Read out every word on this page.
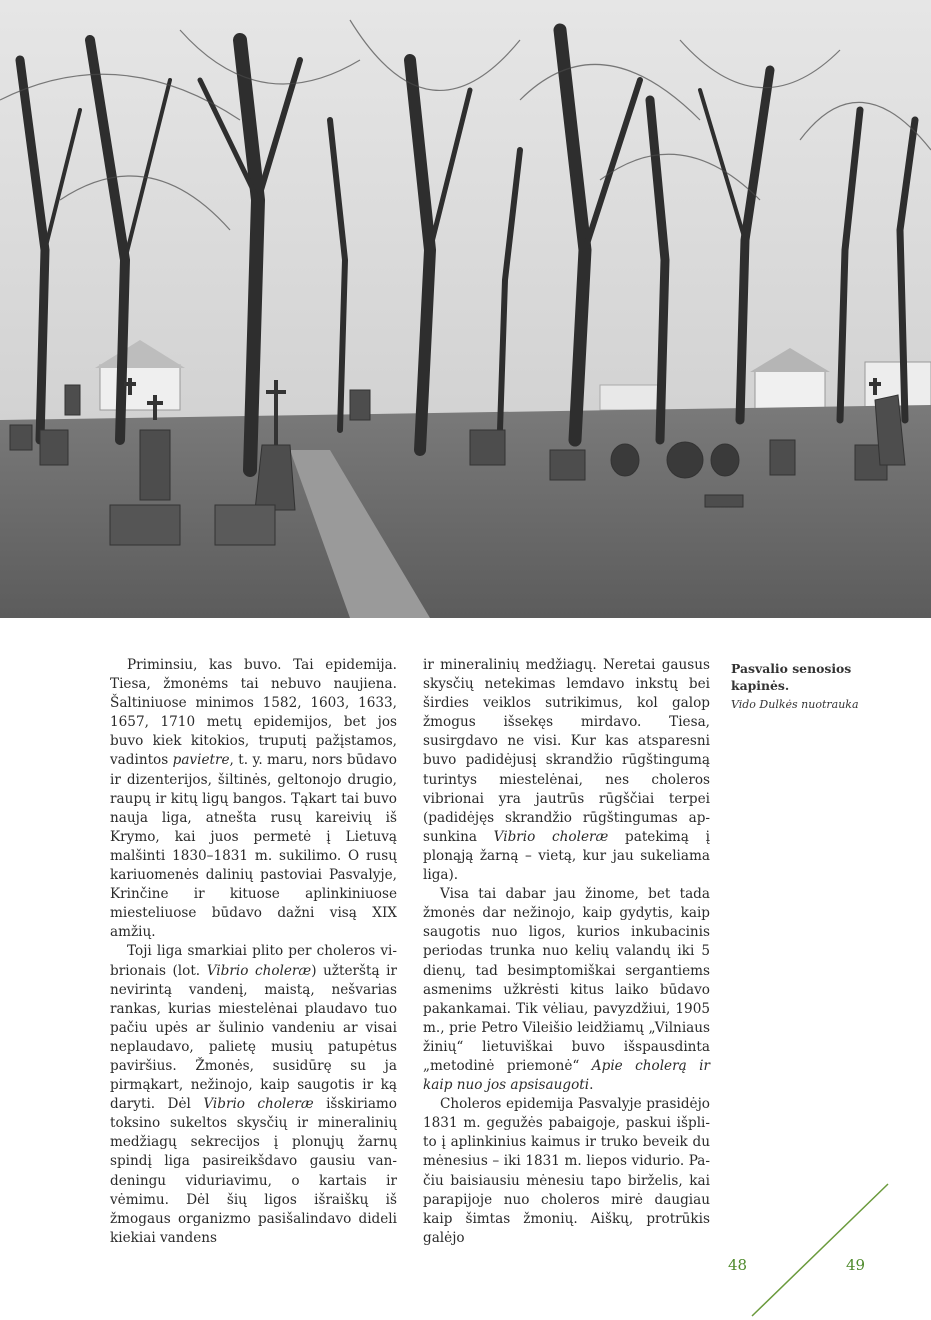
Priminsiu, kas buvo. Tai epidemija. Tiesa, žmonėms tai nebuvo naujiena. Šaltiniuose minimos 1582, 1603, 1633, 1657, 1710 metų epidemijos, bet jos buvo kiek kitokios, truputį pažįstamos, vadintos pavietre, t. y. maru, nors būdavo ir dizenterijos, šiltinės, geltonojo drugio, raupų ir kitų ligų bangos. Tąkart tai buvo nauja liga, atnešta rusų kareivių iš Krymo, kai juos permetė į Lietuvą malšinti 1830–1831 m. sukilimo. O rusų kariuomenės dalinių pastoviai Pasvalyje, Krinčine ir kituose aplinkiniuose miesteliuose būdavo dažni visą XIX amžių.

Toji liga smarkiai plito per choleros vibrionais (lot. Vibrio choleræ) užterštą ir nevirintą vandenį, maistą, nešvarias rankas, kurias miestelėnai plaudavo tuo pačiu upės ar šulinio vandeniu ar visai neplaudavo, palietę musių patupėtus paviršius. Žmonės, susidūrę su ja pirmąkart, nežinojo, kaip saugotis ir ką daryti. Dėl Vibrio choleræ išskiriamo toksino sukeltos skysčių ir mineralinių medžiagų sekrecijos į plonųjų žarnų spindį liga pasireikšdavo gausiu vandeningu viduriavimu, o kartais ir vėmimu. Dėl šių ligos išraiškų iš žmogaus organizmo pasišalindavo dideli kiekiai vandens

ir mineralinių medžiagų. Neretai gausus skysčių netekimas lemdavo inkstų bei širdies veiklos sutrikimus, kol galop žmogus išsekęs mirdavo. Tiesa, susirgdavo ne visi. Kur kas atsparesni buvo padidėjusį skrandžio rūgštingumą turintys miestelėnai, nes choleros vibrionai yra jautrūs rūgščiai terpei (padidėjęs skrandžio rūgštingumas apsunkina Vibrio choleræ patekimą į plonąją žarną – vietą, kur jau sukeliama liga).

Visa tai dabar jau žinome, bet tada žmonės dar nežinojo, kaip gydytis, kaip saugotis nuo ligos, kurios inkubacinis periodas trunka nuo kelių valandų iki 5 dienų, tad besimptomiškai sergantiems asmenims užkrėsti kitus laiko būdavo pakankamai. Tik vėliau, pavyzdžiui, 1905 m., prie Petro Vileišio leidžiamų „Vilniaus žinių“ lietuviškai buvo išspausdinta „metodinė priemonė“ Apie cholerą ir kaip nuo jos apsisaugoti.

Choleros epidemija Pasvalyje prasidėjo 1831 m. gegužės pabaigoje, paskui išplito į aplinkinius kaimus ir truko beveik du mėnesius – iki 1831 m. liepos vidurio. Pačiu baisiausiu mėnesiu tapo birželis, kai parapijoje nuo choleros mirė daugiau kaip šimtas žmonių. Aiškų, protrūkis galėjo

Pasvalio senosios kapinės.
Vido Dulkės nuotrauka
48	49
